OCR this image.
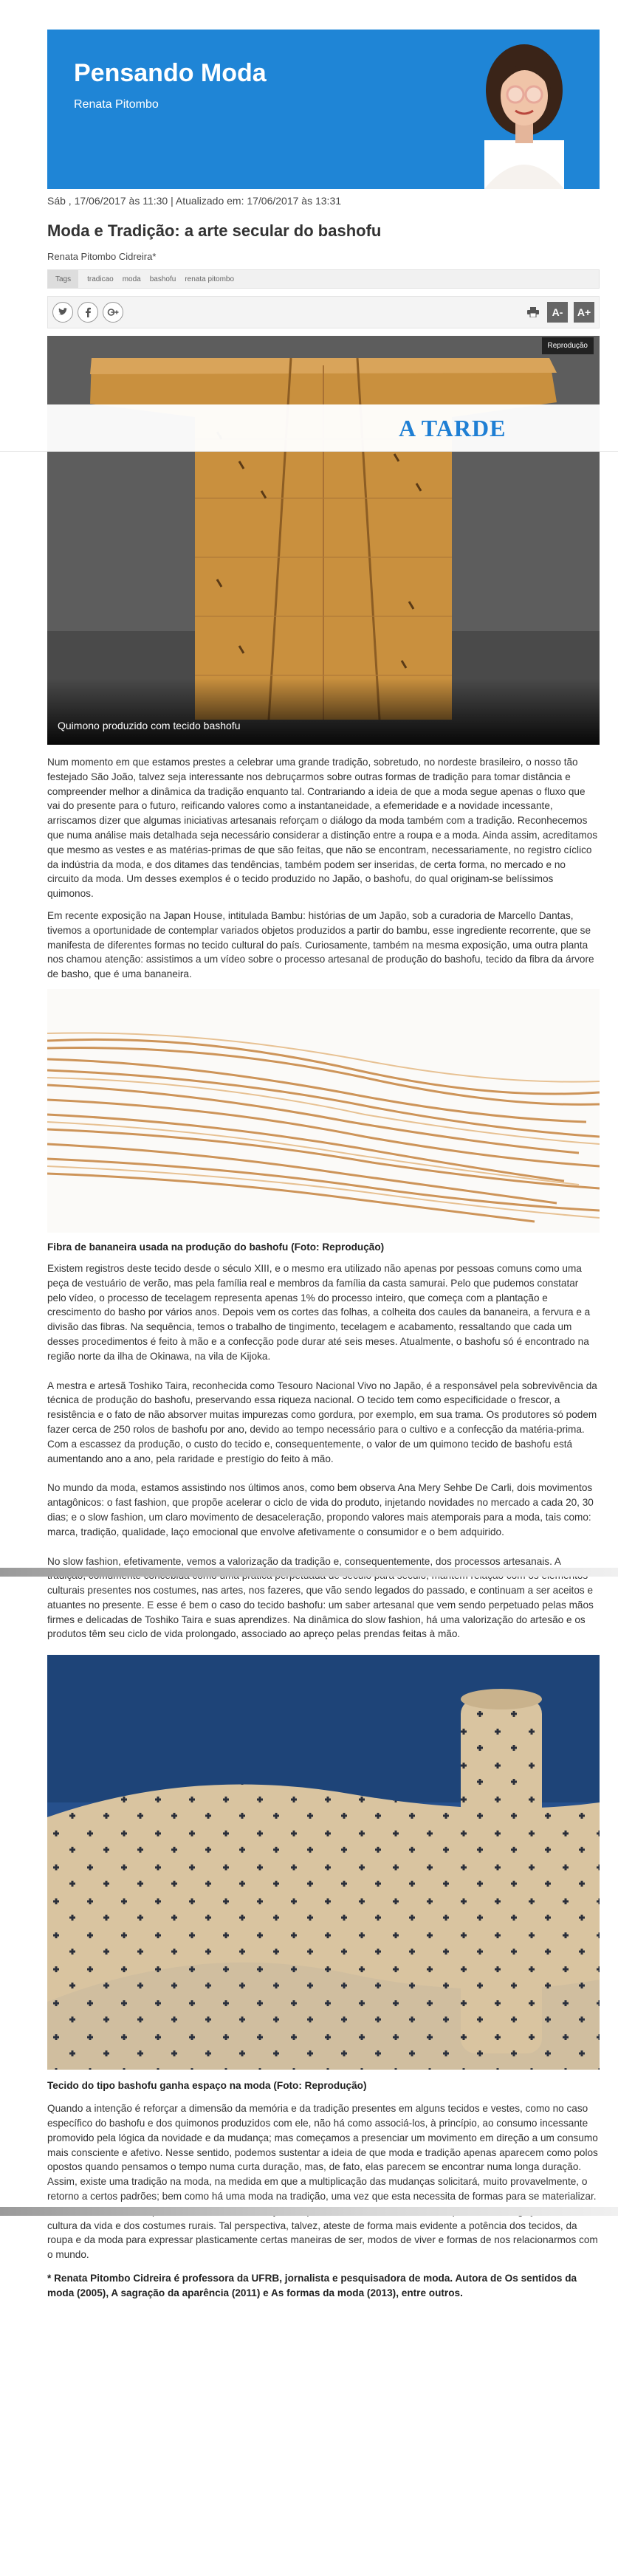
Pensando Moda
Renata Pitombo
Sáb , 17/06/2017 às 11:30 | Atualizado em: 17/06/2017 às 13:31
Moda e Tradição: a arte secular do bashofu
Renata Pitombo Cidreira*
Tags	tradicao moda bashofu renata pitombo
A-	A+
Reprodução
Quimono produzido com tecido bashofu

Num momento em que estamos prestes a celebrar uma grande tradição, sobretudo, no nordeste brasileiro, o nosso tão festejado São João, talvez seja interessante nos debruçarmos sobre outras formas de tradição para tomar distância e compreender melhor a dinâmica da tradição enquanto tal. Contrariando a ideia de que a moda segue apenas o fluxo que vai do presente para o futuro, reificando valores como a instantaneidade, a efemeridade e a novidade incessante, arriscamos dizer que algumas iniciativas artesanais reforçam o diálogo da moda também com a tradição. Reconhecemos que numa análise mais detalhada seja necessário considerar a distinção entre a roupa e a moda. Ainda assim, acreditamos que mesmo as vestes e as matérias-primas de que são feitas, que não se encontram, necessariamente, no registro cíclico da indústria da moda, e dos ditames das tendências, também podem ser inseridas, de certa forma, no mercado e no circuito da moda. Um desses exemplos é o tecido produzido no Japão, o bashofu, do qual originam-se belíssimos quimonos.

Em recente exposição na Japan House, intitulada Bambu: histórias de um Japão, sob a curadoria de Marcello Dantas, tivemos a oportunidade de contemplar variados objetos produzidos a partir do bambu, esse ingrediente recorrente, que se manifesta de diferentes formas no tecido cultural do país. Curiosamente, também na mesma exposição, uma outra planta nos chamou atenção: assistimos a um vídeo sobre o processo artesanal de produção do bashofu, tecido da fibra da árvore de basho, que é uma bananeira.

Fibra de bananeira usada na produção do bashofu (Foto: Reprodução)

Existem registros deste tecido desde o século XIII, e o mesmo era utilizado não apenas por pessoas comuns como uma peça de vestuário de verão, mas pela família real e membros da família da casta samurai. Pelo que pudemos constatar pelo vídeo, o processo de tecelagem representa apenas 1% do processo inteiro, que começa com a plantação e crescimento do basho por vários anos. Depois vem os cortes das folhas, a colheita dos caules da bananeira, a fervura e a divisão das fibras. Na sequência, temos o trabalho de tingimento, tecelagem e acabamento, ressaltando que cada um desses procedimentos é feito à mão e a confecção pode durar até seis meses. Atualmente, o bashofu só é encontrado na região norte da ilha de Okinawa, na vila de Kijoka.

A mestra e artesã Toshiko Taira, reconhecida como Tesouro Nacional Vivo no Japão, é a responsável pela sobrevivência da técnica de produção do bashofu, preservando essa riqueza nacional. O tecido tem como especificidade o frescor, a resistência e o fato de não absorver muitas impurezas como gordura, por exemplo, em sua trama. Os produtores só podem fazer cerca de 250 rolos de bashofu por ano, devido ao tempo necessário para o cultivo e a confecção da matéria-prima. Com a escassez da produção, o custo do tecido e, consequentemente, o valor de um quimono tecido de bashofu está aumentando ano a ano, pela raridade e prestígio do feito à mão.

No mundo da moda, estamos assistindo nos últimos anos, como bem observa Ana Mery Sehbe De Carli, dois movimentos antagônicos: o fast fashion, que propõe acelerar o ciclo de vida do produto, injetando novidades no mercado a cada 20, 30 dias; e o slow fashion, um claro movimento de desaceleração, propondo valores mais atemporais para a moda, tais como: marca, tradição, qualidade, laço emocional que envolve afetivamente o consumidor e o bem adquirido.

No slow fashion, efetivamente, vemos a valorização da tradição e, consequentemente, dos processos artesanais. A culturais presentes nos costumes, nas artes, nos fazeres, que vão sendo legados do passado, e continuam a ser aceitos e atuantes no presente. E esse é bem o caso do tecido bashofu: um saber artesanal que vem sendo perpetuado pelas mãos firmes e delicadas de Toshiko Taira e suas aprendizes. Na dinâmica do slow fashion, há uma valorização do artesão e os produtos têm seu ciclo de vida prolongado, associado ao apreço pelas prendas feitas à mão.

Tecido do tipo bashofu ganha espaço na moda (Foto: Reprodução)

Quando a intenção é reforçar a dimensão da memória e da tradição presentes em alguns tecidos e vestes, como no caso específico do bashofu e dos quimonos produzidos com ele, não há como associá-los, à princípio, ao consumo incessante promovido pela lógica da novidade e da mudança; mas começamos a presenciar um movimento em direção a um consumo mais consciente e afetivo. Nesse sentido, podemos sustentar a ideia de que moda e tradição apenas aparecem como polos opostos quando pensamos o tempo numa curta duração, mas, de fato, elas parecem se encontrar numa longa duração. Assim, existe uma tradição na moda, na medida em que a multiplicação das mudanças solicitará, muito provavelmente, o retorno a certos padrões; bem como há uma moda na tradição, uma vez que esta necessita de formas para se materializar. cultura da vida e dos costumes rurais. Tal perspectiva, talvez, ateste de forma mais evidente a potência dos tecidos, da roupa e da moda para expressar plasticamente certas maneiras de ser, modos de viver e formas de nos relacionarmos com o mundo.

* Renata Pitombo Cidreira é professora da UFRB, jornalista e pesquisadora de moda. Autora de Os sentidos da moda (2005), A sagração da aparência (2011) e As formas da moda (2013), entre outros.
A TARDE
